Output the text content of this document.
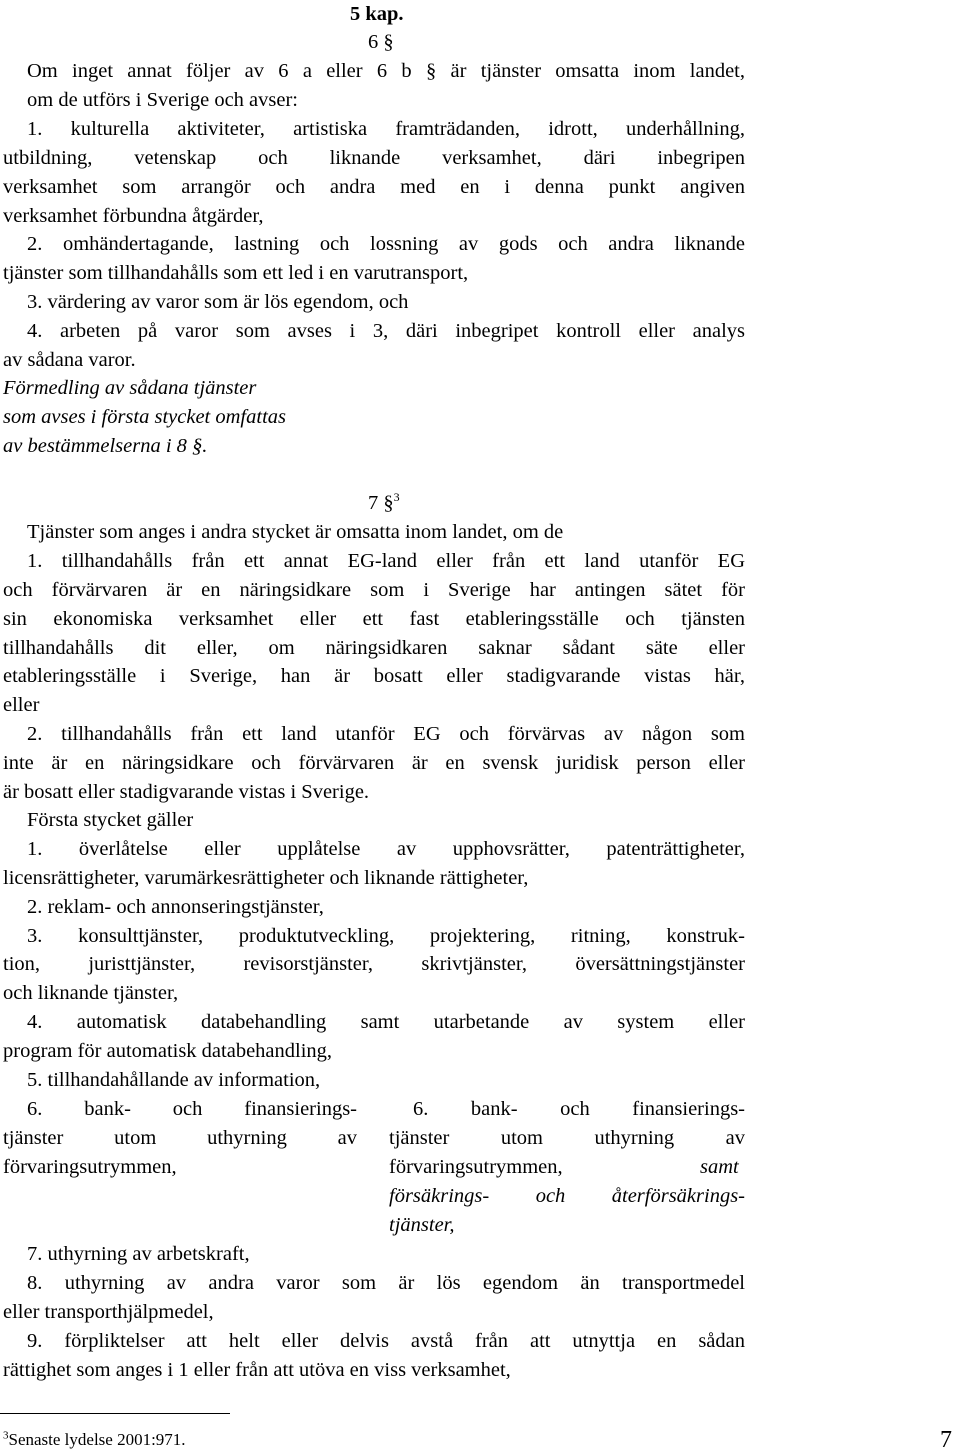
5 kap.
6 §
Om inget annat följer av 6 a eller 6 b § är tjänster omsatta inom landet,
om de utförs i Sverige och avser:
1. kulturella aktiviteter, artistiska framträdanden, idrott, underhållning,
utbildning, vetenskap och liknande verksamhet, däri inbegripen
verksamhet som arrangör och andra med en i denna punkt angiven
verksamhet förbundna åtgärder,
2. omhändertagande, lastning och lossning av gods och andra liknande
tjänster som tillhandahålls som ett led i en varutransport,
3. värdering av varor som är lös egendom, och
4. arbeten på varor som avses i 3, däri inbegripet kontroll eller analys
av sådana varor.
Förmedling av sådana tjänster
som avses i första stycket omfattas
av bestämmelserna i 8 §.
7 §$^3$
Tjänster som anges i andra stycket är omsatta inom landet, om de
1. tillhandahålls från ett annat EG-land eller från ett land utanför EG
och förvärvaren är en näringsidkare som i Sverige har antingen sätet för
sin ekonomiska verksamhet eller ett fast etableringsställe och tjänsten
tillhandahålls dit eller, om näringsidkaren saknar sådant säte eller
etableringsställe i Sverige, han är bosatt eller stadigvarande vistas här,
eller
2. tillhandahålls från ett land utanför EG och förvärvas av någon som
inte är en näringsidkare och förvärvaren är en svensk juridisk person eller
är bosatt eller stadigvarande vistas i Sverige.
Första stycket gäller
1. överlåtelse eller upplåtelse av upphovsrätter, patenträttigheter,
licensrättigheter, varumärkesrättigheter och liknande rättigheter,
2. reklam- och annonseringstjänster,
3. konsulttjänster, produktutveckling, projektering, ritning, konstruk-
tion, juristtjänster, revisorstjänster, skrivtjänster, översättningstjänster
och liknande tjänster,
4. automatisk databehandling samt utarbetande av system eller
program för automatisk databehandling,
5. tillhandahållande av information,
6. bank- och finansierings-
tjänster utom uthyrning av
förvaringsutrymmen,
6. bank- och finansierings-
tjänster utom uthyrning av
förvaringsutrymmen,	samt
försäkrings- och återförsäkrings-
tjänster,
7. uthyrning av arbetskraft,
8. uthyrning av andra varor som är lös egendom än transportmedel
eller transporthjälpmedel,
9. förpliktelser att helt eller delvis avstå från att utnyttja en sådan
rättighet som anges i 1 eller från att utöva en viss verksamhet,
$^3$Senaste lydelse 2001:971.	7
